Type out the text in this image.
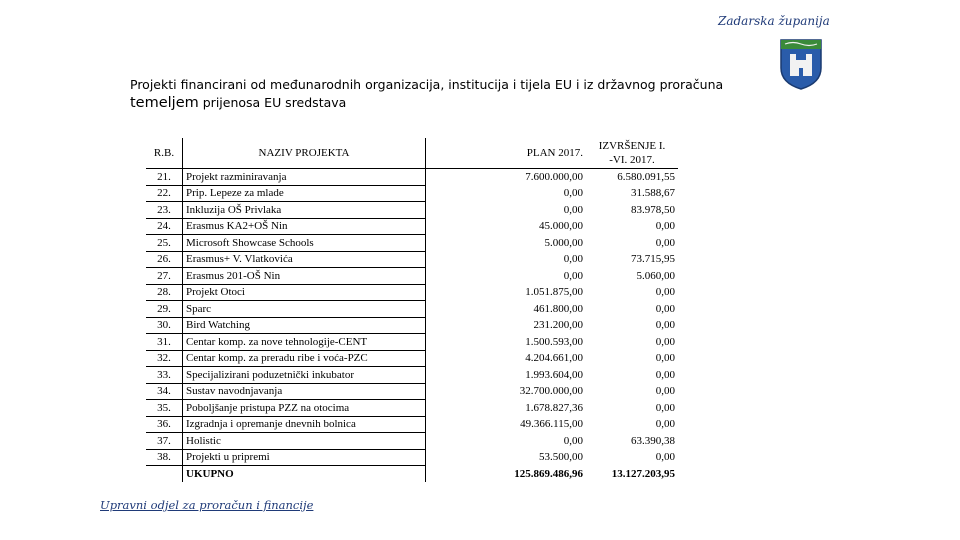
Zadarska županija
Projekti financirani od međunarodnih organizacija, institucija i tijela EU i iz državnog proračuna
temeljem prijenosa EU sredstava
R.B.	NAZIV PROJEKTA	PLAN 2017.	IZVRŠENJE I.
-VI. 2017.

21.	Projekt razminiravanja	7.600.000,00	6.580.091,55
22.	Prip. Lepeze za mlade	0,00	31.588,67
23.	Inkluzija OŠ Privlaka	0,00	83.978,50
24.	Erasmus KA2+OŠ Nin	45.000,00	0,00
25.	Microsoft Showcase Schools	5.000,00	0,00
26.	Erasmus+ V. Vlatkovića	0,00	73.715,95
27.	Erasmus 201-OŠ Nin	0,00	5.060,00
28.	Projekt Otoci	1.051.875,00	0,00
29.	Sparc	461.800,00	0,00
30.	Bird Watching	231.200,00	0,00
31.	Centar komp. za nove tehnologije-CENT	1.500.593,00	0,00
32.	Centar komp. za preradu ribe i voća-PZC	4.204.661,00	0,00
33.	Specijalizirani poduzetnički inkubator	1.993.604,00	0,00
34.	Sustav navodnjavanja	32.700.000,00	0,00
35.	Poboljšanje pristupa PZZ na otocima	1.678.827,36	0,00
36.	Izgradnja i opremanje dnevnih bolnica	49.366.115,00	0,00
37.	Holistic	0,00	63.390,38
38.	Projekti u pripremi	53.500,00	0,00
	UKUPNO	125.869.486,96	13.127.203,95
Upravni odjel za proračun i financije
